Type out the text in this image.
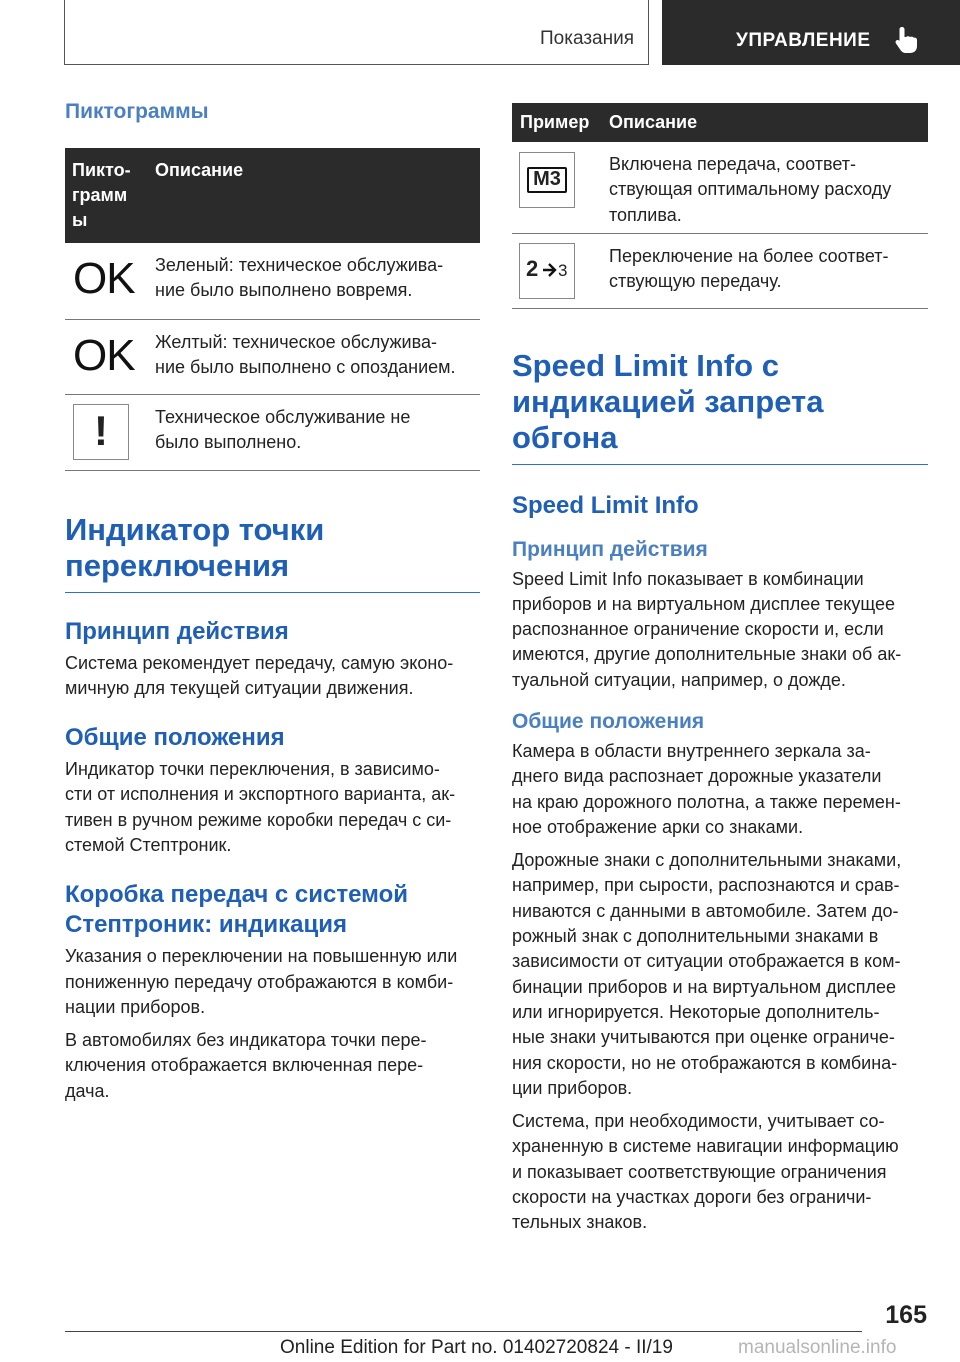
Показания	УПРАВЛЕНИЕ
Пиктограммы
Пикто-
грамм
ы	Описание
OK	Зеленый: техническое обслужива-
ние было выполнено вовремя.
OK	Желтый: техническое обслужива-
ние было выполнено с опозданием.

!	Техническое обслуживание не
было выполнено.
Индикатор точки
переключения
Принцип действия
Система рекомендует передачу, самую эконо-
мичную для текущей ситуации движения.
Общие положения
Индикатор точки переключения, в зависимо-
сти от исполнения и экспортного варианта, ак-
тивен в ручном режиме коробки передач с си-
стемой Стептроник.
Коробка передач с системой
Стептроник: индикация
Указания о переключении на повышенную или
пониженную передачу отображаются в комби-
нации приборов.
В автомобилях без индикатора точки пере-
ключения отображается включенная пере-
дача.
Пример	Описание

M3	Включена передача, соответ-
ствующая оптимальному расходу
топлива.

2 3	Переключение на более соответ-
ствующую передачу.
Speed Limit Info с
индикацией запрета
обгона
Speed Limit Info
Принцип действия
Speed Limit Info показывает в комбинации
приборов и на виртуальном дисплее текущее
распознанное ограничение скорости и, если
имеются, другие дополнительные знаки об ак-
туальной ситуации, например, о дожде.
Общие положения
Камера в области внутреннего зеркала за-
днего вида распознает дорожные указатели
на краю дорожного полотна, а также перемен-
ное отображение арки со знаками.
Дорожные знаки с дополнительными знаками,
например, при сырости, распознаются и срав-
ниваются с данными в автомобиле. Затем до-
рожный знак с дополнительными знаками в
зависимости от ситуации отображается в ком-
бинации приборов и на виртуальном дисплее
или игнорируется. Некоторые дополнитель-
ные знаки учитываются при оценке ограниче-
ния скорости, но не отображаются в комбина-
ции приборов.
Система, при необходимости, учитывает со-
храненную в системе навигации информацию
и показывает соответствующие ограничения
скорости на участках дороги без ограничи-
тельных знаков.
165
Online Edition for Part no. 01402720824 - II/19	manualsonline.info
